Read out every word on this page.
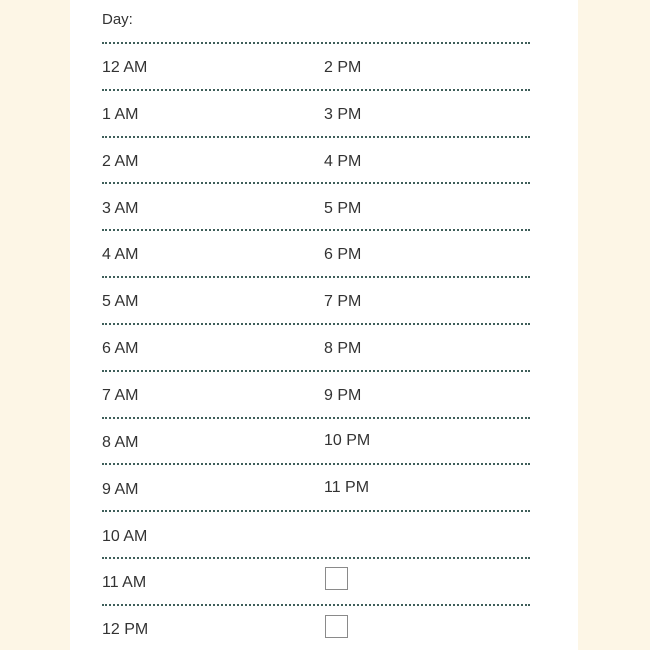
Day:
12 AM
1 AM
2 AM
3 AM
4 AM
5 AM
6 AM
7 AM
8 AM
9 AM
10 AM
11 AM
12 PM
2 PM
3 PM
4 PM
5 PM
6 PM
7 PM
8 PM
9 PM
10 PM
11 PM
